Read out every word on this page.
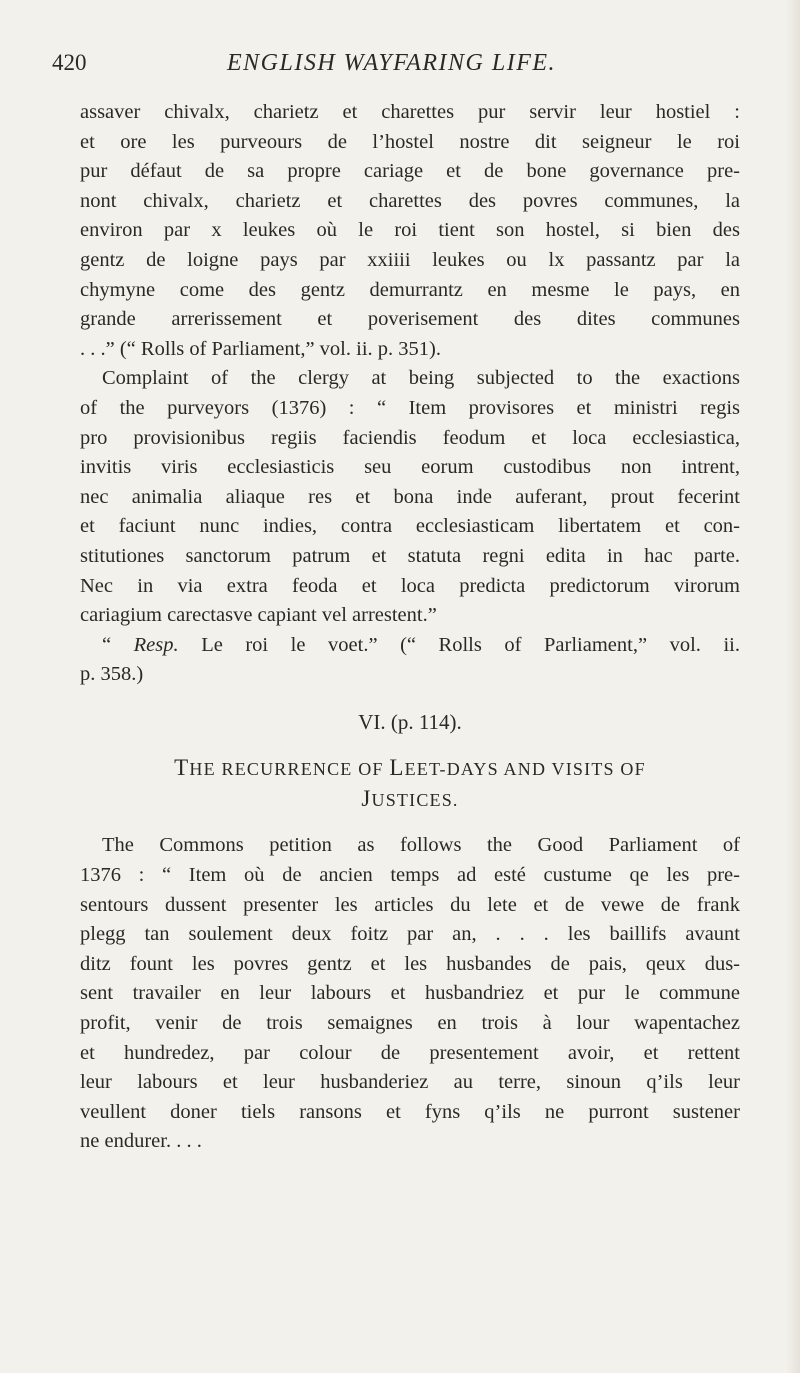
420	ENGLISH WAYFARING LIFE.
assaver chivalx, charietz et charettes pur servir leur hostiel :
et ore les purveours de l’hostel nostre dit seigneur le roi
pur défaut de sa propre cariage et de bone governance pre-
nont chivalx, charietz et charettes des povres communes, la
environ par x leukes où le roi tient son hostel, si bien des
gentz de loigne pays par xxiiii leukes ou lx passantz par la
chymyne come des gentz demurrantz en mesme le pays, en
grande arrerissement et poverisement des dites communes
. . .” (“ Rolls of Parliament,” vol. ii. p. 351).
Complaint of the clergy at being subjected to the exactions
of the purveyors (1376) : “ Item provisores et ministri regis
pro provisionibus regiis faciendis feodum et loca ecclesiastica,
invitis viris ecclesiasticis seu eorum custodibus non intrent,
nec animalia aliaque res et bona inde auferant, prout fecerint
et faciunt nunc indies, contra ecclesiasticam libertatem et con-
stitutiones sanctorum patrum et statuta regni edita in hac parte.
Nec in via extra feoda et loca predicta predictorum virorum
cariagium carectasve capiant vel arrestent.”
“ Resp. Le roi le voet.” (“ Rolls of Parliament,” vol. ii.
p. 358.)
VI. (p. 114).
THE RECURRENCE OF LEET-DAYS AND VISITS OF
JUSTICES.
The Commons petition as follows the Good Parliament of
1376 : “ Item où de ancien temps ad esté custume qe les pre-
sentours dussent presenter les articles du lete et de vewe de frank
plegg tan soulement deux foitz par an, . . . les baillifs avaunt
ditz fount les povres gentz et les husbandes de pais, qeux dus-
sent travailer en leur labours et husbandriez et pur le commune
profit, venir de trois semaignes en trois à lour wapentachez
et hundredez, par colour de presentement avoir, et rettent
leur labours et leur husbanderiez au terre, sinoun q’ils leur
veullent doner tiels ransons et fyns q’ils ne purront sustener
ne endurer. . . .
